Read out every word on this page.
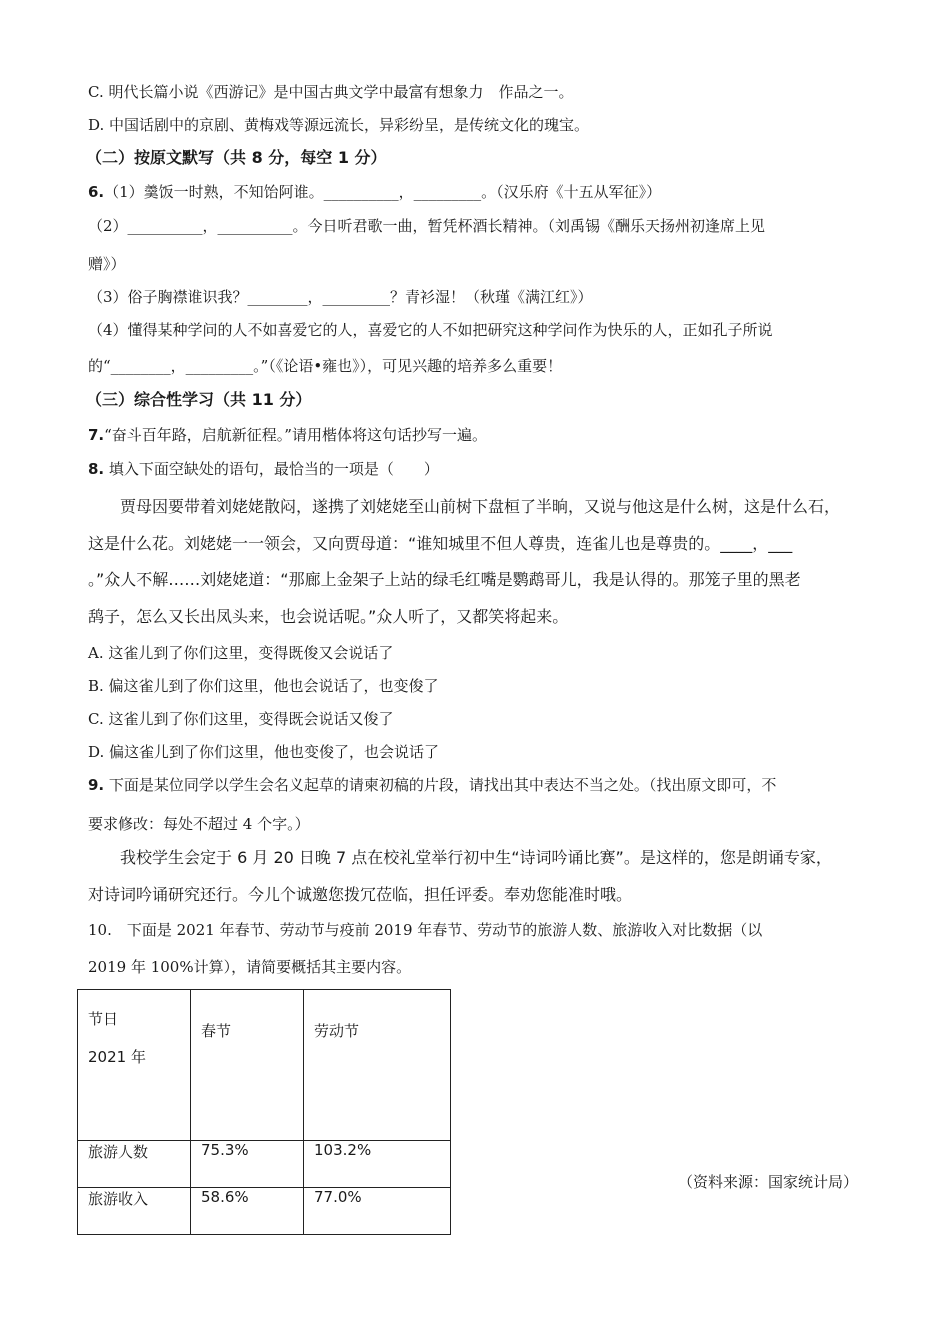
C. 明代长篇小说《西游记》是中国古典文学中最富有想象力　作品之一。
D. 中国话剧中的京剧、黄梅戏等源远流长，异彩纷呈，是传统文化的瑰宝。
（二）按原文默写（共 8 分，每空 1 分）
6.（1）羹饭一时熟，不知饴阿谁。__________，_________。（汉乐府《十五从军征》）
（2）__________，__________。今日听君歌一曲，暂凭杯酒长精神。（刘禹锡《酬乐天扬州初逢席上见
赠》）
（3）俗子胸襟谁识我？________，_________？青衫湿！（秋瑾《满江红》）
（4）懂得某种学问的人不如喜爱它的人，喜爱它的人不如把研究这种学问作为快乐的人，正如孔子所说
的“________，_________。”（《论语•雍也》），可见兴趣的培养多么重要！
（三）综合性学习（共 11 分）
7.“奋斗百年路，启航新征程。”请用楷体将这句话抄写一遍。
8. 填入下面空缺处的语句，最恰当的一项是（　　）
贾母因要带着刘姥姥散闷，遂携了刘姥姥至山前树下盘桓了半晌，又说与他这是什么树，这是什么石，
这是什么花。刘姥姥一一领会，又向贾母道：“谁知城里不但人尊贵，连雀儿也是尊贵的。____，___
。”众人不解……刘姥姥道：“那廊上金架子上站的绿毛红嘴是鹦鹉哥儿，我是认得的。那笼子里的黑老
鸹子，怎么又长出凤头来，也会说话呢。”众人听了，又都笑将起来。
A. 这雀儿到了你们这里，变得既俊又会说话了
B. 偏这雀儿到了你们这里，他也会说话了，也变俊了
C. 这雀儿到了你们这里，变得既会说话又俊了
D. 偏这雀儿到了你们这里，他也变俊了，也会说话了
9. 下面是某位同学以学生会名义起草的请柬初稿的片段，请找出其中表达不当之处。（找出原文即可，不
要求修改：每处不超过 4 个字。）
我校学生会定于 6 月 20 日晚 7 点在校礼堂举行初中生“诗词吟诵比赛”。是这样的，您是朗诵专家，
对诗词吟诵研究还行。今儿个诚邀您拨冗莅临，担任评委。奉劝您能准时哦。
10.　下面是 2021 年春节、劳动节与疫前 2019 年春节、劳动节的旅游人数、旅游收入对比数据（以
2019 年 100%计算），请简要概括其主要内容。
节日
2021 年	春节	劳动节
旅游人数	75.3%	103.2%
旅游收入	58.6%	77.0%
（资料来源：国家统计局）
